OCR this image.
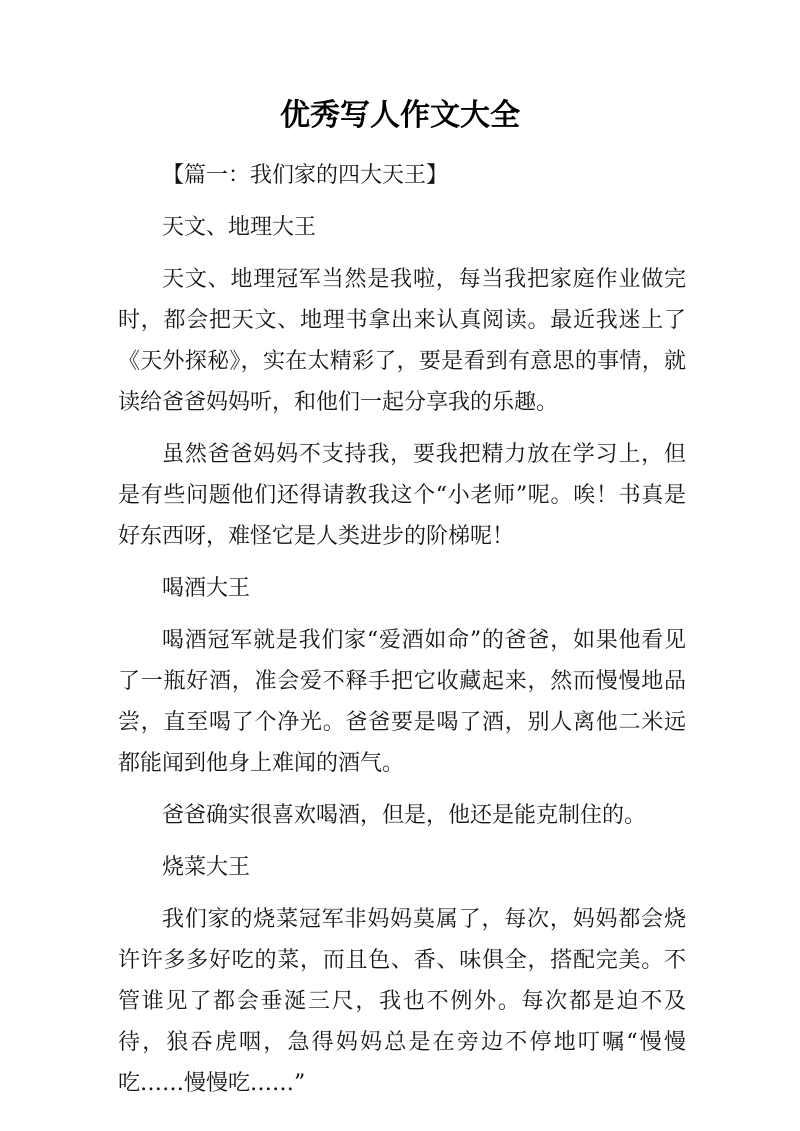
优秀写人作文大全

【篇一：我们家的四大天王】

天文、地理大王

天文、地理冠军当然是我啦，每当我把家庭作业做完时，都会把天文、地理书拿出来认真阅读。最近我迷上了《天外探秘》，实在太精彩了，要是看到有意思的事情，就读给爸爸妈妈听，和他们一起分享我的乐趣。

虽然爸爸妈妈不支持我，要我把精力放在学习上，但是有些问题他们还得请教我这个“小老师”呢。唉！书真是好东西呀，难怪它是人类进步的阶梯呢！

喝酒大王

喝酒冠军就是我们家“爱酒如命”的爸爸，如果他看见了一瓶好酒，准会爱不释手把它收藏起来，然而慢慢地品尝，直至喝了个净光。爸爸要是喝了酒，别人离他二米远都能闻到他身上难闻的酒气。

爸爸确实很喜欢喝酒，但是，他还是能克制住的。

烧菜大王

我们家的烧菜冠军非妈妈莫属了，每次，妈妈都会烧许许多多好吃的菜，而且色、香、味俱全，搭配完美。不管谁见了都会垂涎三尺，我也不例外。每次都是迫不及待，狼吞虎咽，急得妈妈总是在旁边不停地叮嘱“慢慢吃……慢慢吃……”
